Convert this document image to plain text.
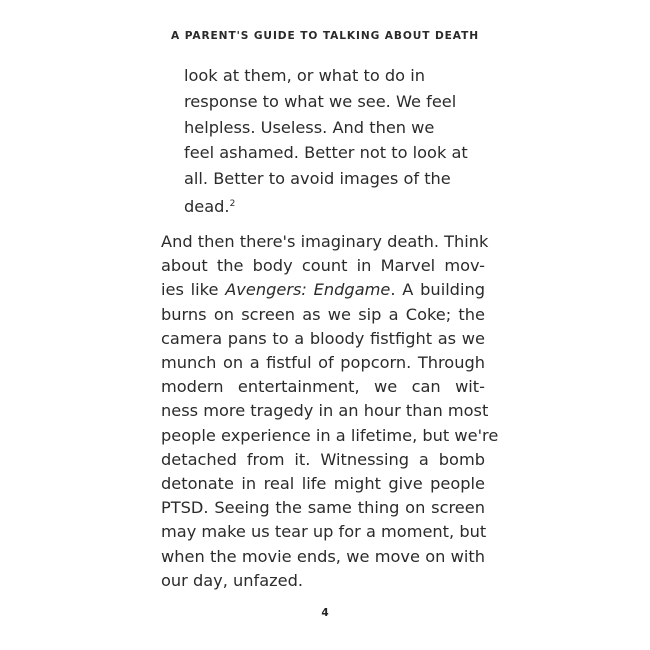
A PARENT'S GUIDE TO TALKING ABOUT DEATH
look at them, or what to do in
response to what we see. We feel
helpless. Useless. And then we
feel ashamed. Better not to look at
all. Better to avoid images of the
dead.$^2$
And then there's imaginary death. Think
about the body count in Marvel mov-
ies like Avengers: Endgame. A building
burns on screen as we sip a Coke; the
camera pans to a bloody fistfight as we
munch on a fistful of popcorn. Through
modern entertainment, we can wit-
ness more tragedy in an hour than most
people experience in a lifetime, but we're
detached from it. Witnessing a bomb
detonate in real life might give people
PTSD. Seeing the same thing on screen
may make us tear up for a moment, but
when the movie ends, we move on with
our day, unfazed.
4
